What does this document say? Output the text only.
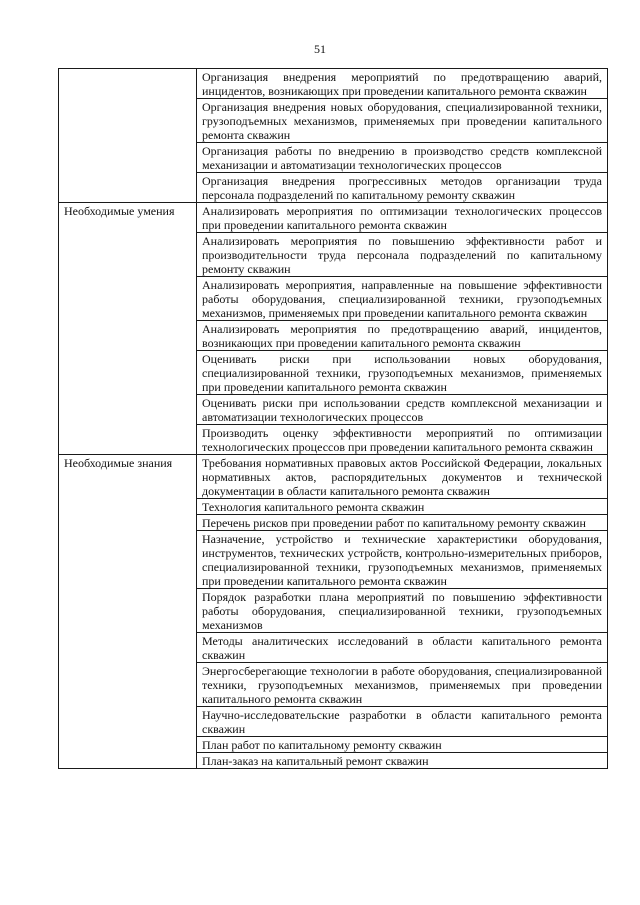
51
	Организация внедрения мероприятий по предотвращению аварий, инцидентов, возникающих при проведении капитального ремонта скважин
	Организация внедрения новых оборудования, специализированной техники, грузоподъемных механизмов, применяемых при проведении капитального ремонта скважин
	Организация работы по внедрению в производство средств комплексной механизации и автоматизации технологических процессов
	Организация внедрения прогрессивных методов организации труда персонала подразделений по капитальному ремонту скважин
Необходимые умения	Анализировать мероприятия по оптимизации технологических процессов при проведении капитального ремонта скважин
	Анализировать мероприятия по повышению эффективности работ и производительности труда персонала подразделений по капитальному ремонту скважин
	Анализировать мероприятия, направленные на повышение эффективности работы оборудования, специализированной техники, грузоподъемных механизмов, применяемых при проведении капитального ремонта скважин
	Анализировать мероприятия по предотвращению аварий, инцидентов, возникающих при проведении капитального ремонта скважин
	Оценивать риски при использовании новых оборудования, специализированной техники, грузоподъемных механизмов, применяемых при проведении капитального ремонта скважин
	Оценивать риски при использовании средств комплексной механизации и автоматизации технологических процессов
	Производить оценку эффективности мероприятий по оптимизации технологических процессов при проведении капитального ремонта скважин
Необходимые знания	Требования нормативных правовых актов Российской Федерации, локальных нормативных актов, распорядительных документов и технической документации в области капитального ремонта скважин
	Технология капитального ремонта скважин
	Перечень рисков при проведении работ по капитальному ремонту скважин
	Назначение, устройство и технические характеристики оборудования, инструментов, технических устройств, контрольно-измерительных приборов, специализированной техники, грузоподъемных механизмов, применяемых при проведении капитального ремонта скважин
	Порядок разработки плана мероприятий по повышению эффективности работы оборудования, специализированной техники, грузоподъемных механизмов
	Методы аналитических исследований в области капитального ремонта скважин
	Энергосберегающие технологии в работе оборудования, специализированной техники, грузоподъемных механизмов, применяемых при проведении капитального ремонта скважин
	Научно-исследовательские разработки в области капитального ремонта скважин
	План работ по капитальному ремонту скважин
	План-заказ на капитальный ремонт скважин
